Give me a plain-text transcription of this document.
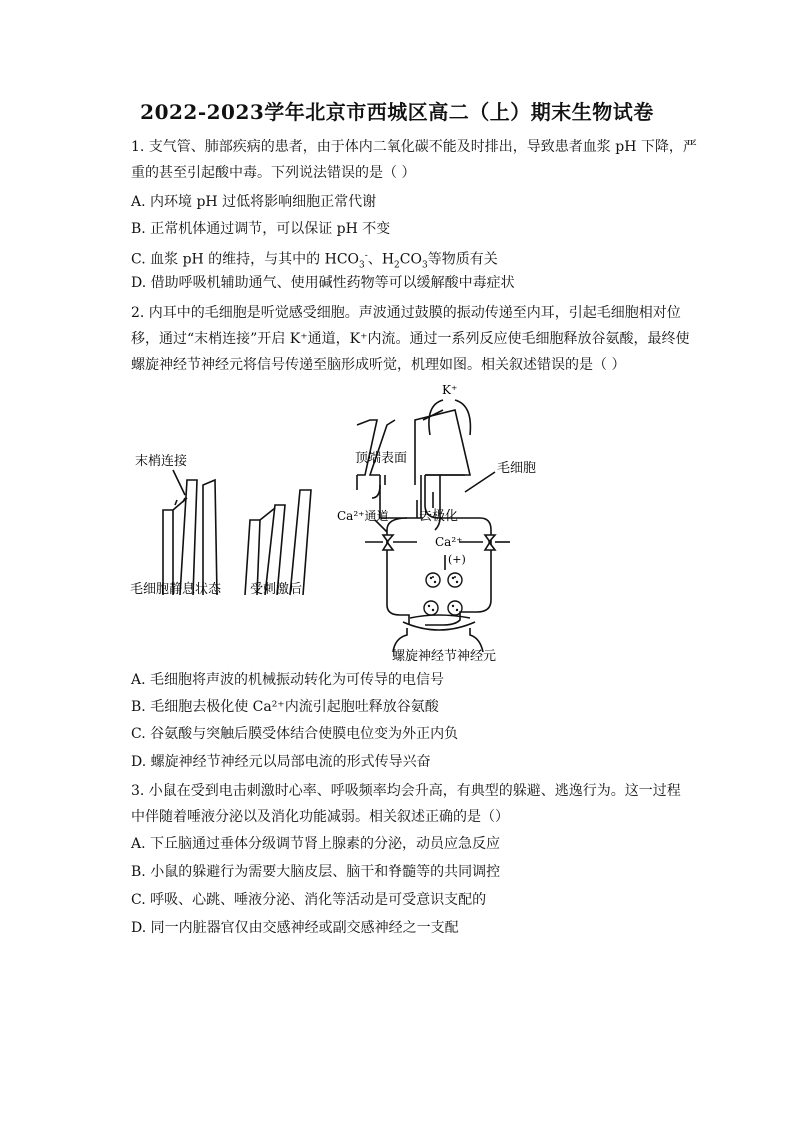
2022-2023学年北京市西城区高二（上）期末生物试卷
1. 支气管、肺部疾病的患者，由于体内二氧化碳不能及时排出，导致患者血浆 pH 下降，严
重的甚至引起酸中毒。下列说法错误的是（ ）
A. 内环境 pH 过低将影响细胞正常代谢
B. 正常机体通过调节，可以保证 pH 不变
C. 血浆 pH 的维持，与其中的 $HCO_3^-$、$H_2CO_3$等物质有关
D. 借助呼吸机辅助通气、使用碱性药物等可以缓解酸中毒症状
2. 内耳中的毛细胞是听觉感受细胞。声波通过鼓膜的振动传递至内耳，引起毛细胞相对位
移，通过“末梢连接”开启 K⁺通道，K⁺内流。通过一系列反应使毛细胞释放谷氨酸，最终使
螺旋神经节神经元将信号传递至脑形成听觉，机理如图。相关叙述错误的是（ ）
末梢连接
毛细胞静息状态 受刺激后
K⁺
顶端表面
毛细胞
Ca²⁺通道 去极化
Ca²⁺
(+)
螺旋神经节神经元
A. 毛细胞将声波的机械振动转化为可传导的电信号
B. 毛细胞去极化使 Ca²⁺内流引起胞吐释放谷氨酸
C. 谷氨酸与突触后膜受体结合使膜电位变为外正内负
D. 螺旋神经节神经元以局部电流的形式传导兴奋
3. 小鼠在受到电击刺激时心率、呼吸频率均会升高，有典型的躲避、逃逸行为。这一过程
中伴随着唾液分泌以及消化功能减弱。相关叙述正确的是（）
A. 下丘脑通过垂体分级调节肾上腺素的分泌，动员应急反应
B. 小鼠的躲避行为需要大脑皮层、脑干和脊髓等的共同调控
C. 呼吸、心跳、唾液分泌、消化等活动是可受意识支配的
D. 同一内脏器官仅由交感神经或副交感神经之一支配
